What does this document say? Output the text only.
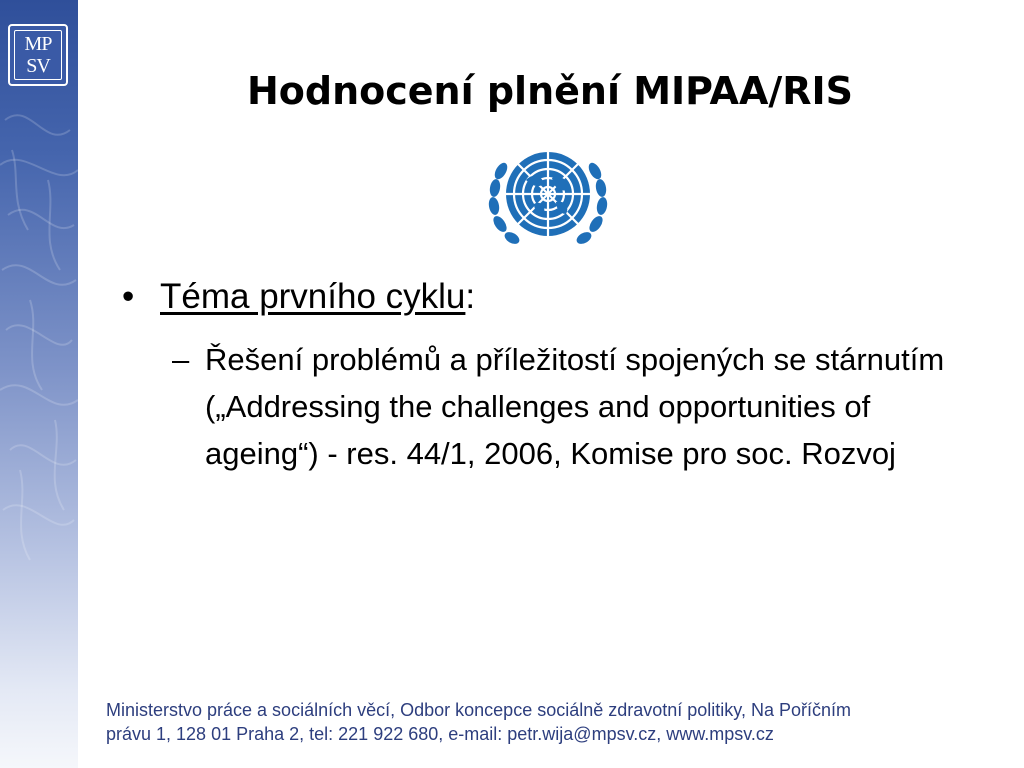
MP
SV
Hodnocení plnění MIPAA/RIS
• Téma prvního cyklu:
– Řešení problémů a příležitostí spojených se stárnutím („Addressing the challenges and opportunities of ageing“) - res. 44/1, 2006, Komise pro soc. Rozvoj
Ministerstvo práce a sociálních věcí, Odbor koncepce sociálně zdravotní politiky, Na Poříčním
právu 1, 128 01 Praha 2, tel: 221 922 680, e-mail: petr.wija@mpsv.cz, www.mpsv.cz
